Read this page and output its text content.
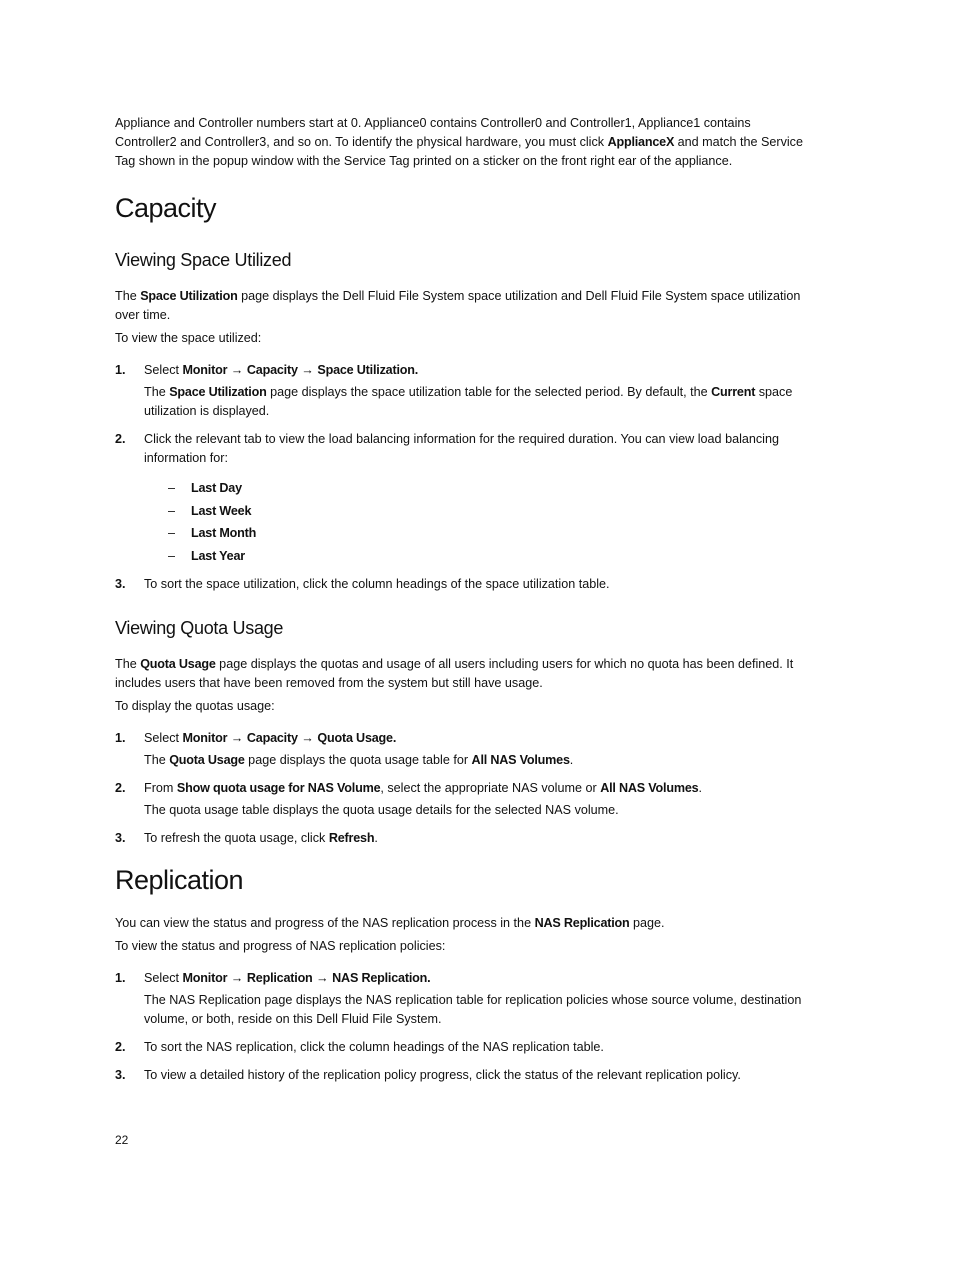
Appliance and Controller numbers start at 0. Appliance0 contains Controller0 and Controller1, Appliance1 contains Controller2 and Controller3, and so on. To identify the physical hardware, you must click ApplianceX and match the Service Tag shown in the popup window with the Service Tag printed on a sticker on the front right ear of the appliance.

Capacity
Viewing Space Utilized

The Space Utilization page displays the Dell Fluid File System space utilization and Dell Fluid File System space utilization over time.

To view the space utilized:

1. Select Monitor → Capacity → Space Utilization.
The Space Utilization page displays the space utilization table for the selected period. By default, the Current space utilization is displayed.
2. Click the relevant tab to view the load balancing information for the required duration. You can view load balancing information for:
– Last Day
– Last Week
– Last Month
– Last Year
3. To sort the space utilization, click the column headings of the space utilization table.
Viewing Quota Usage

The Quota Usage page displays the quotas and usage of all users including users for which no quota has been defined. It includes users that have been removed from the system but still have usage.

To display the quotas usage:

1. Select Monitor → Capacity → Quota Usage.
The Quota Usage page displays the quota usage table for All NAS Volumes.
2. From Show quota usage for NAS Volume, select the appropriate NAS volume or All NAS Volumes.
The quota usage table displays the quota usage details for the selected NAS volume.
3. To refresh the quota usage, click Refresh.
Replication

You can view the status and progress of the NAS replication process in the NAS Replication page.

To view the status and progress of NAS replication policies:

1. Select Monitor → Replication → NAS Replication.
The NAS Replication page displays the NAS replication table for replication policies whose source volume, destination volume, or both, reside on this Dell Fluid File System.
2. To sort the NAS replication, click the column headings of the NAS replication table.
3. To view a detailed history of the replication policy progress, click the status of the relevant replication policy.
22
